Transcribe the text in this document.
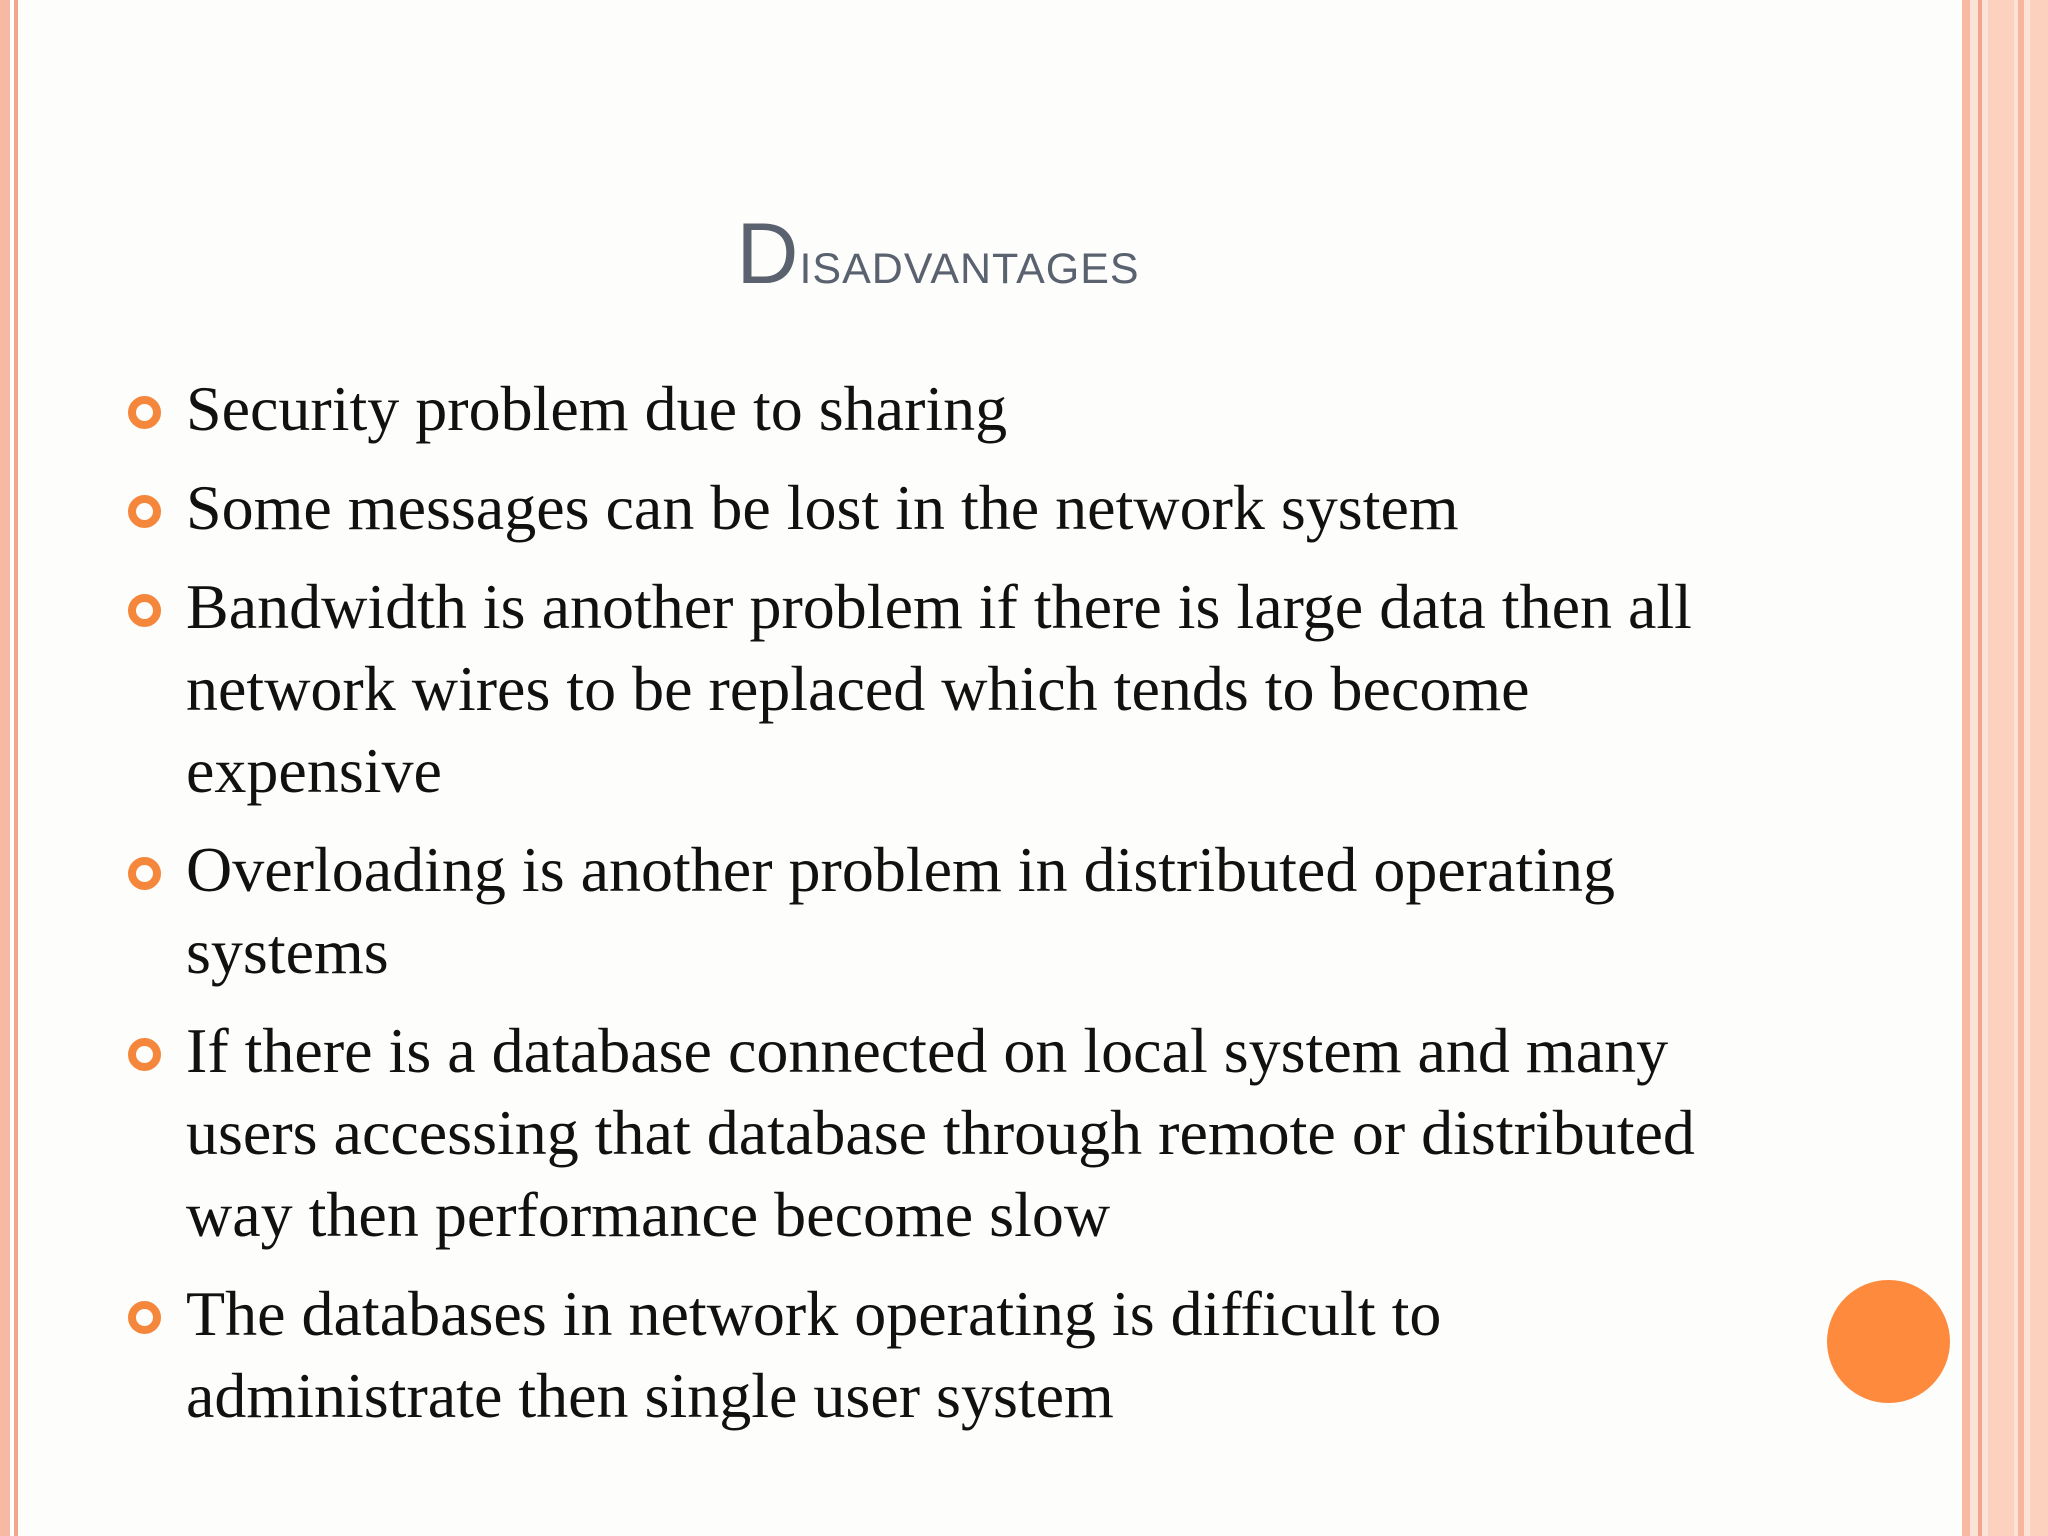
Disadvantages
Security problem due to sharing
Some messages can be lost in the network system
Bandwidth is another problem if there is large data then all network wires to be replaced which tends to become expensive
Overloading is another problem in distributed operating systems
If there is a database connected on local system and many users accessing that database through remote or distributed way then performance become slow
The databases in network operating is difficult to administrate then single user system
